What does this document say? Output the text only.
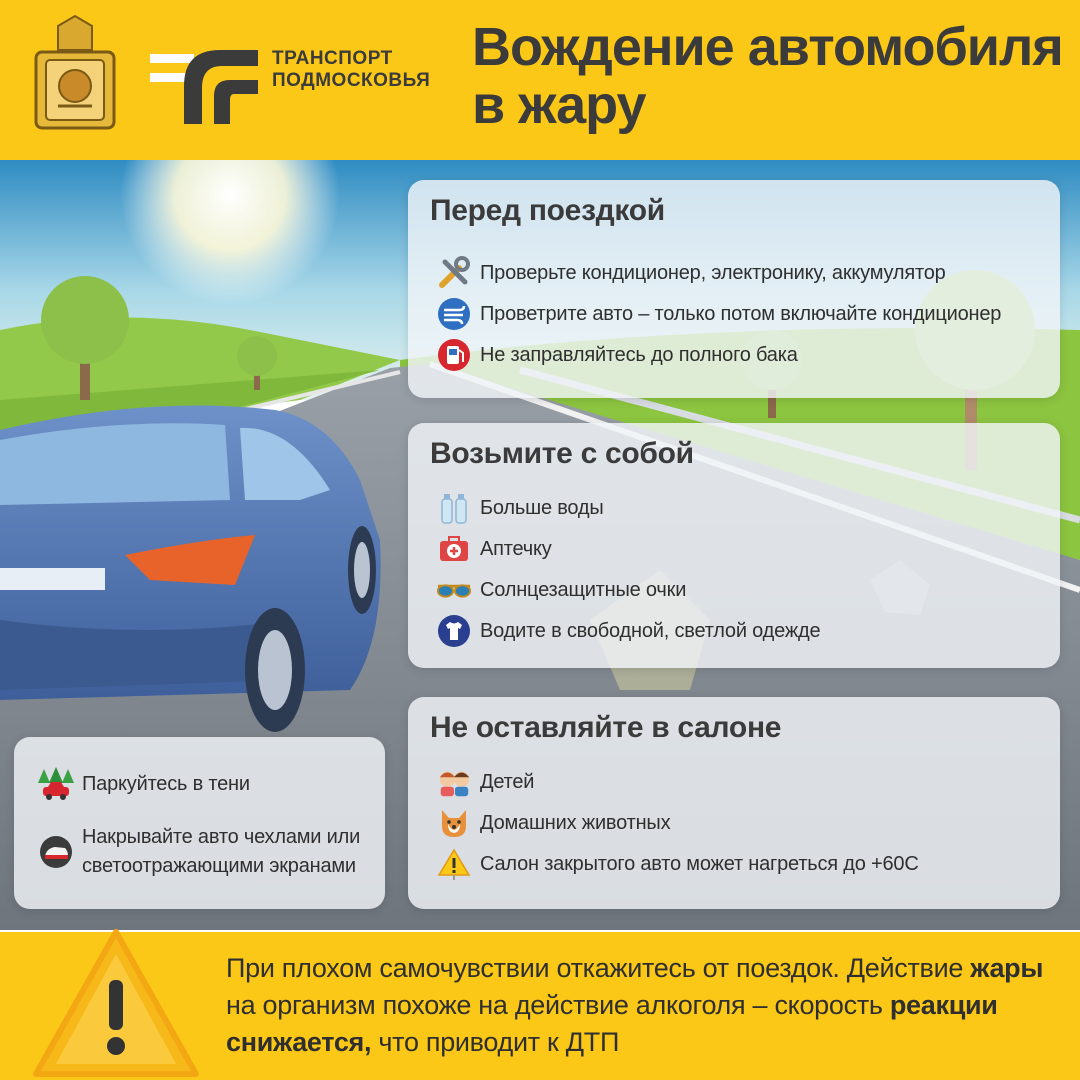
ТРАНСПОРТ
ПОДМОСКОВЬЯ
Вождение автомобиля
в жару
Перед поездкой
Проверьте кондиционер, электронику, аккумулятор
Проветрите авто – только потом включайте кондиционер
Не заправляйтесь до полного бака
Возьмите с собой
Больше воды
Аптечку
Солнцезащитные очки
Водите в свободной, светлой одежде
Не оставляйте в салоне
Детей
Домашних животных
Салон закрытого авто может нагреться до +60С
Паркуйтесь в тени
Накрывайте авто чехлами или
светоотражающими экранами
При плохом самочувствии откажитесь от поездок. Действие жары
на организм похоже на действие алкоголя – скорость реакции
снижается, что приводит к ДТП
